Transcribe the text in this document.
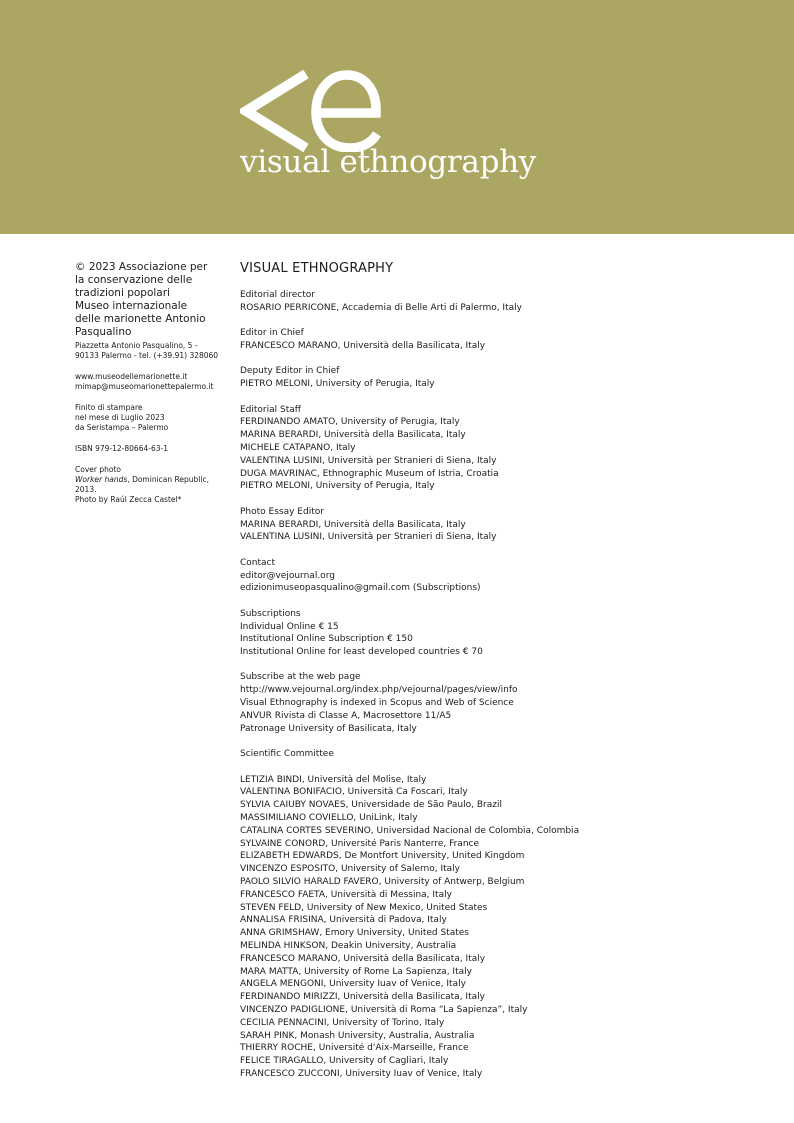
visual ethnography
© 2023 Associazione per
la conservazione delle
tradizioni popolari
Museo internazionale
delle marionette Antonio
Pasqualino
Piazzetta Antonio Pasqualino, 5 -
90133 Palermo - tel. (+39.91) 328060
www.museodellemarionette.it
mimap@museomarionettepalermo.it
Finito di stampare
nel mese di Luglio 2023
da Seristampa – Palermo
ISBN 979-12-80664-63-1
Cover photo
Worker hands, Dominican Republic,
2013.
Photo by Raúl Zecca Castel*
VISUAL ETHNOGRAPHY
Editorial director
ROSARIO PERRICONE, Accademia di Belle Arti di Palermo, Italy
Editor in Chief
FRANCESCO MARANO, Università della Basilicata, Italy
Deputy Editor in Chief
PIETRO MELONI, University of Perugia, Italy
Editorial Staff
FERDINANDO AMATO, University of Perugia, Italy
MARINA BERARDI, Università della Basilicata, Italy
MICHELE CATAPANO, Italy
VALENTINA LUSINI, Università per Stranieri di Siena, Italy
DUGA MAVRINAC, Ethnographic Museum of Istria, Croatia
PIETRO MELONI, University of Perugia, Italy
Photo Essay Editor
MARINA BERARDI, Università della Basilicata, Italy
VALENTINA LUSINI, Università per Stranieri di Siena, Italy
Contact
editor@vejournal.org
edizionimuseopasqualino@gmail.com (Subscriptions)
Subscriptions
Individual Online € 15
Institutional Online Subscription € 150
Institutional Online for least developed countries € 70
Subscribe at the web page
http://www.vejournal.org/index.php/vejournal/pages/view/info
Visual Ethnography is indexed in Scopus and Web of Science
ANVUR Rivista di Classe A, Macrosettore 11/A5
Patronage University of Basilicata, Italy
Scientific Committee
LETIZIA BINDI, Università del Molise, Italy
VALENTINA BONIFACIO, Università Ca Foscari, Italy
SYLVIA CAIUBY NOVAES, Universidade de São Paulo, Brazil
MASSIMILIANO COVIELLO, UniLink, Italy
CATALINA CORTES SEVERINO, Universidad Nacional de Colombia, Colombia
SYLVAINE CONORD, Université Paris Nanterre, France
ELIZABETH EDWARDS, De Montfort University, United Kingdom
VINCENZO ESPOSITO, University of Salerno, Italy
PAOLO SILVIO HARALD FAVERO, University of Antwerp, Belgium
FRANCESCO FAETA, Università di Messina, Italy
STEVEN FELD, University of New Mexico, United States
ANNALISA FRISINA, Università di Padova, Italy
ANNA GRIMSHAW, Emory University, United States
MELINDA HINKSON, Deakin University, Australia
FRANCESCO MARANO, Università della Basilicata, Italy
MARA MATTA, University of Rome La Sapienza, Italy
ANGELA MENGONI, University Iuav of Venice, Italy
FERDINANDO MIRIZZI, Università della Basilicata, Italy
VINCENZO PADIGLIONE, Università di Roma “La Sapienza”, Italy
CECILIA PENNACINI, University of Torino, Italy
SARAH PINK, Monash University, Australia, Australia
THIERRY ROCHE, Université d'Aix-Marseille, France
FELICE TIRAGALLO, University of Cagliari, Italy
FRANCESCO ZUCCONI, University Iuav of Venice, Italy
